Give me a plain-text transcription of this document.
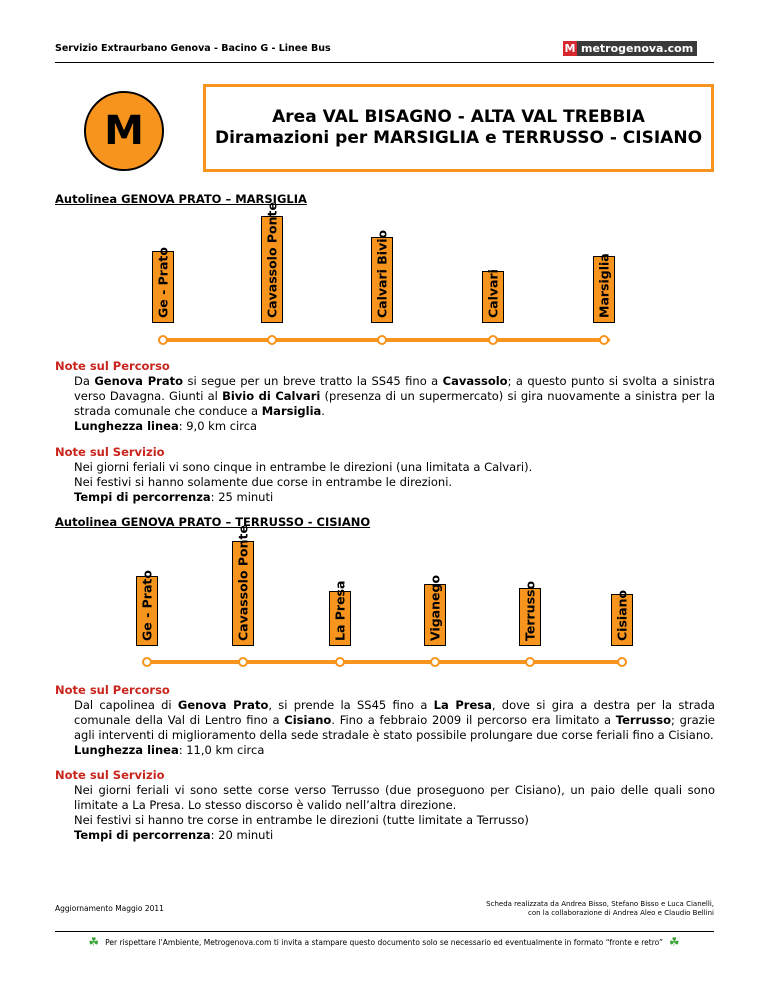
Servizio Extraurbano Genova - Bacino G - Linee Bus	M metrogenova.com
M	Area VAL BISAGNO - ALTA VAL TREBBIA
Diramazioni per MARSIGLIA e TERRUSSO - CISIANO
Autolinea GENOVA PRATO – MARSIGLIA
Ge - Prato	Cavassolo Ponte	Calvari Bivio	Calvari	Marsiglia
Note sul Percorso

Da Genova Prato si segue per un breve tratto la SS45 fino a Cavassolo; a questo punto si svolta a sinistra verso Davagna. Giunti al Bivio di Calvari (presenza di un supermercato) si gira nuovamente a sinistra per la strada comunale che conduce a Marsiglia.

Lunghezza linea: 9,0 km circa

Note sul Servizio

Nei giorni feriali vi sono cinque in entrambe le direzioni (una limitata a Calvari).

Nei festivi si hanno solamente due corse in entrambe le direzioni.

Tempi di percorrenza: 25 minuti

Autolinea GENOVA PRATO – TERRUSSO - CISIANO
Ge - Prato	Cavassolo Ponte	La Presa	Viganego	Terrusso	Cisiano
Note sul Percorso

Dal capolinea di Genova Prato, si prende la SS45 fino a La Presa, dove si gira a destra per la strada comunale della Val di Lentro fino a Cisiano. Fino a febbraio 2009 il percorso era limitato a Terrusso; grazie agli interventi di miglioramento della sede stradale è stato possibile prolungare due corse feriali fino a Cisiano.

Lunghezza linea: 11,0 km circa

Note sul Servizio

Nei giorni feriali vi sono sette corse verso Terrusso (due proseguono per Cisiano), un paio delle quali sono limitate a La Presa. Lo stesso discorso è valido nell’altra direzione.

Nei festivi si hanno tre corse in entrambe le direzioni (tutte limitate a Terrusso)

Tempi di percorrenza: 20 minuti

Aggiornamento Maggio 2011	Scheda realizzata da Andrea Bisso, Stefano Bisso e Luca Cianelli,
con la collaborazione di Andrea Aleo e Claudio Bellini
☘ Per rispettare l’Ambiente, Metrogenova.com ti invita a stampare questo documento solo se necessario ed eventualmente in formato “fronte e retro” ☘
